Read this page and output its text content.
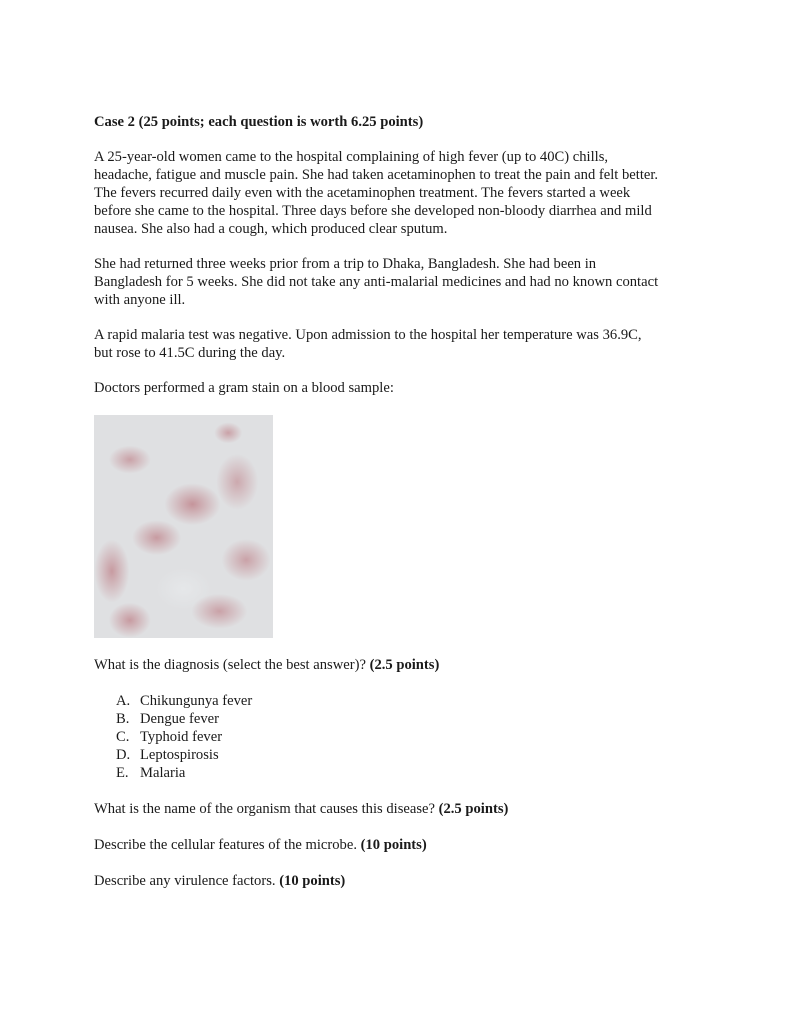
Case 2 (25 points; each question is worth 6.25 points)
A 25-year-old women came to the hospital complaining of high fever (up to 40C) chills,
headache, fatigue and muscle pain. She had taken acetaminophen to treat the pain and felt better.
The fevers recurred daily even with the acetaminophen treatment. The fevers started a week
before she came to the hospital. Three days before she developed non-bloody diarrhea and mild
nausea. She also had a cough, which produced clear sputum.
She had returned three weeks prior from a trip to Dhaka, Bangladesh. She had been in
Bangladesh for 5 weeks. She did not take any anti-malarial medicines and had no known contact
with anyone ill.
A rapid malaria test was negative. Upon admission to the hospital her temperature was 36.9C,
but rose to 41.5C during the day.
Doctors performed a gram stain on a blood sample:
What is the diagnosis (select the best answer)? (2.5 points)
A. Chikungunya fever
B. Dengue fever
C. Typhoid fever
D. Leptospirosis
E. Malaria
What is the name of the organism that causes this disease? (2.5 points)
Describe the cellular features of the microbe. (10 points)
Describe any virulence factors. (10 points)
